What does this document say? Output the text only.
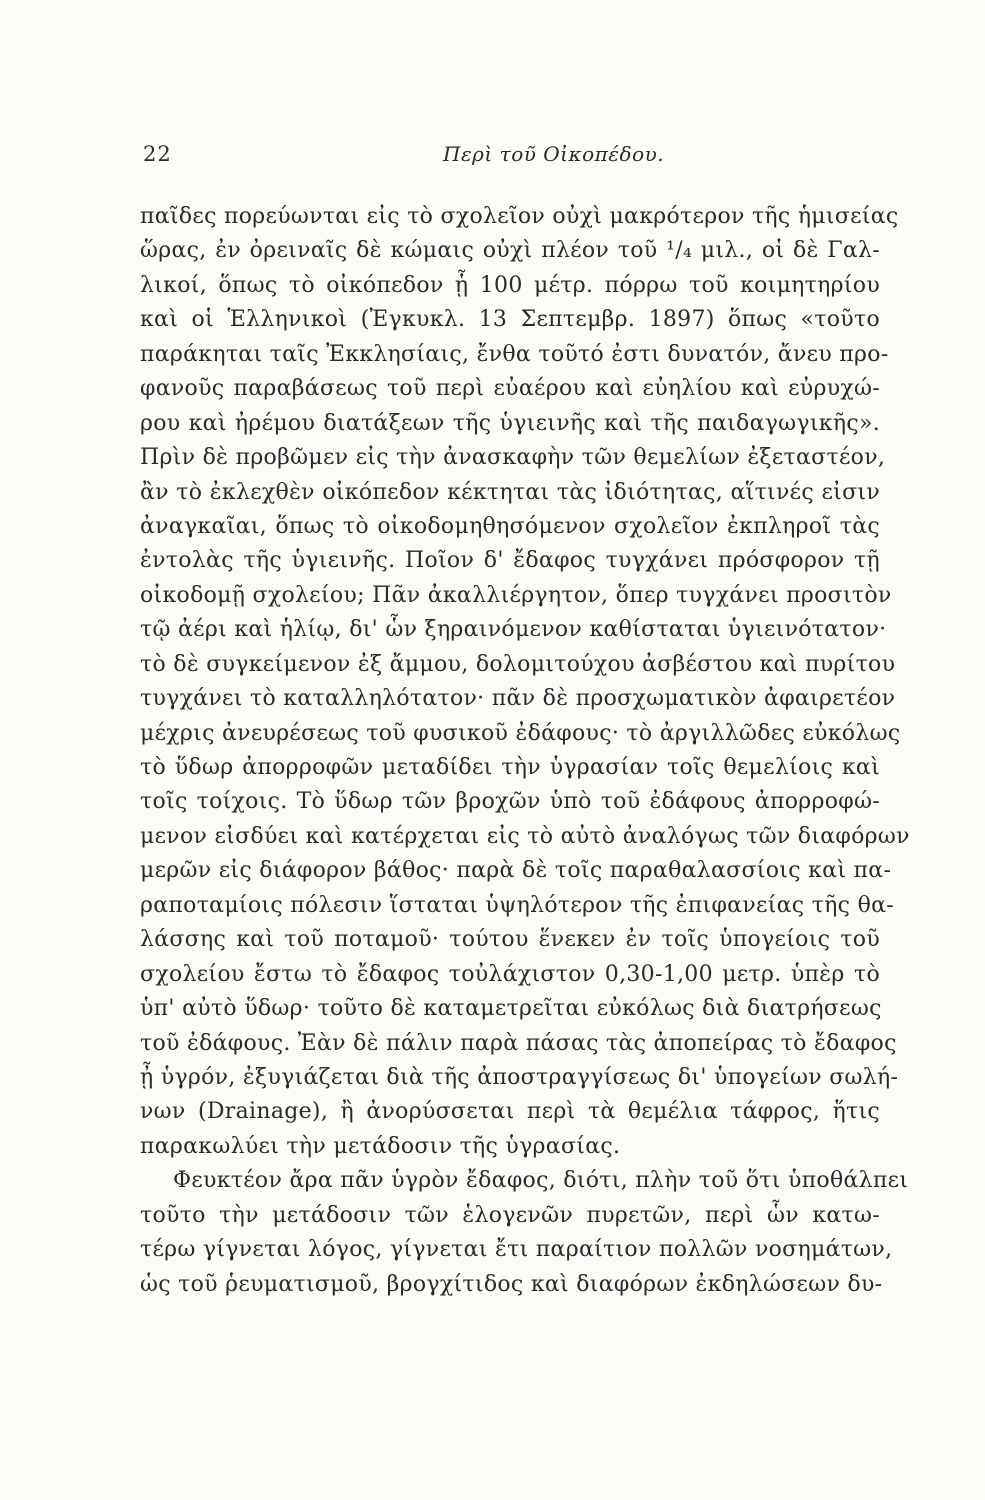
22	Περὶ τοῦ Οἰκοπέδου.
παῖδες πορεύωνται εἰς τὸ σχολεῖον οὐχὶ μακρότερον τῆς ἡμισείας
ὥρας, ἐν ὀρειναῖς δὲ κώμαις οὐχὶ πλέον τοῦ ¹/₄ μιλ., οἱ δὲ Γαλ-
λικοί, ὅπως τὸ οἰκόπεδον ᾗ 100 μέτρ. πόρρω τοῦ κοιμητηρίου
καὶ οἱ Ἑλληνικοὶ (Ἐγκυκλ. 13 Σεπτεμβρ. 1897) ὅπως «τοῦτο
παράκηται ταῖς Ἐκκλησίαις, ἔνθα τοῦτό ἐστι δυνατόν, ἄνευ προ-
φανοῦς παραβάσεως τοῦ περὶ εὐαέρου καὶ εὐηλίου καὶ εὐρυχώ-
ρου καὶ ἠρέμου διατάξεων τῆς ὑγιεινῆς καὶ τῆς παιδαγωγικῆς».
Πρὶν δὲ προβῶμεν εἰς τὴν ἀνασκαφὴν τῶν θεμελίων ἐξεταστέον,
ἂν τὸ ἐκλεχθὲν οἰκόπεδον κέκτηται τὰς ἰδιότητας, αἵτινές εἰσιν
ἀναγκαῖαι, ὅπως τὸ οἰκοδομηθησόμενον σχολεῖον ἐκπληροῖ τὰς
ἐντολὰς τῆς ὑγιεινῆς. Ποῖον δ' ἔδαφος τυγχάνει πρόσφορον τῇ
οἰκοδομῇ σχολείου; Πᾶν ἀκαλλιέργητον, ὅπερ τυγχάνει προσιτὸν
τῷ ἀέρι καὶ ἡλίῳ, δι' ὧν ξηραινόμενον καθίσταται ὑγιεινότατον·
τὸ δὲ συγκείμενον ἐξ ἄμμου, δολομιτούχου ἀσβέστου καὶ πυρίτου
τυγχάνει τὸ καταλληλότατον· πᾶν δὲ προσχωματικὸν ἀφαιρετέον
μέχρις ἀνευρέσεως τοῦ φυσικοῦ ἐδάφους· τὸ ἀργιλλῶδες εὐκόλως
τὸ ὕδωρ ἀπορροφῶν μεταδίδει τὴν ὑγρασίαν τοῖς θεμελίοις καὶ
τοῖς τοίχοις. Τὸ ὕδωρ τῶν βροχῶν ὑπὸ τοῦ ἐδάφους ἀπορροφώ-
μενον εἰσδύει καὶ κατέρχεται εἰς τὸ αὐτὸ ἀναλόγως τῶν διαφόρων
μερῶν εἰς διάφορον βάθος· παρὰ δὲ τοῖς παραθαλασσίοις καὶ πα-
ραποταμίοις πόλεσιν ἵσταται ὑψηλότερον τῆς ἐπιφανείας τῆς θα-
λάσσης καὶ τοῦ ποταμοῦ· τούτου ἕνεκεν ἐν τοῖς ὑπογείοις τοῦ
σχολείου ἔστω τὸ ἔδαφος τοὐλάχιστον 0,30-1,00 μετρ. ὑπὲρ τὸ
ὑπ' αὐτὸ ὕδωρ· τοῦτο δὲ καταμετρεῖται εὐκόλως διὰ διατρήσεως
τοῦ ἐδάφους. Ἐὰν δὲ πάλιν παρὰ πάσας τὰς ἀποπείρας τὸ ἔδαφος
ᾖ ὑγρόν, ἐξυγιάζεται διὰ τῆς ἀποστραγγίσεως δι' ὑπογείων σωλή-
νων (Drainage), ἢ ἀνορύσσεται περὶ τὰ θεμέλια τάφρος, ἥτις
παρακωλύει τὴν μετάδοσιν τῆς ὑγρασίας.
Φευκτέον ἄρα πᾶν ὑγρὸν ἔδαφος, διότι, πλὴν τοῦ ὅτι ὑποθάλπει
τοῦτο τὴν μετάδοσιν τῶν ἑλογενῶν πυρετῶν, περὶ ὧν κατω-
τέρω γίγνεται λόγος, γίγνεται ἔτι παραίτιον πολλῶν νοσημάτων,
ὡς τοῦ ῥευματισμοῦ, βρογχίτιδος καὶ διαφόρων ἐκδηλώσεων δυ-
